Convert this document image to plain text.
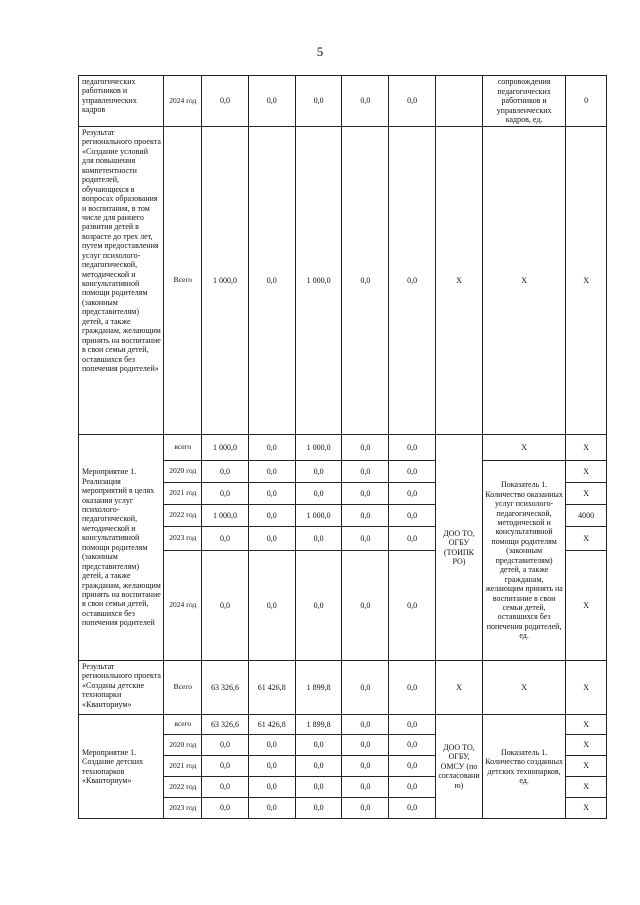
5
педагогических работников и управленческих кадров	2024 год	0,0	0,0	0,0	0,0	0,0		сопровождения педагогических работников и управленческих кадров, ед.	0
Результат регионального проекта «Создание условий для повышения компетентности родителей, обучающихся в вопросах образования и воспитания, в том числе для раннего развития детей в возрасте до трех лет, путем предоставления услуг психолого-педагогической, методической и консультативной помощи родителям (законным представителям) детей, а также гражданам, желающим принять на воспитание в свои семьи детей, оставшихся без попечения родителей»	Всего	1 000,0	0,0	1 000,0	0,0	0,0	Х	Х	Х
Мероприятие 1. Реализация мероприятий в целях оказания услуг психолого-педагогической, методической и консультативной помощи родителям (законным представителям) детей, а также гражданам, желающим принять на воспитание в свои семьи детей, оставшихся без попечения родителей	всего	1 000,0	0,0	1 000,0	0,0	0,0	ДОО ТО, ОГБУ (ТОИПК РО)	Х	Х
	2020 год	0,0	0,0	0,0	0,0	0,0		Показатель 1. Количество оказанных услуг психолого-педагогической, методической и консультативной помощи родителям (законным представителям) детей, а также гражданам, желающим принять на воспитание в свои семьи детей, оставшихся без попечения родителей, ед.	Х
	2021 год	0,0	0,0	0,0	0,0	0,0			Х
	2022 год	1 000,0	0,0	1 000,0	0,0	0,0			4000
	2023 год	0,0	0,0	0,0	0,0	0,0			Х
	2024 год	0,0	0,0	0,0	0,0	0,0			Х
Результат регионального проекта «Созданы детские технопарки «Кванториум»	Всего	63 326,6	61 426,8	1 899,8	0,0	0,0	Х	Х	Х
Мероприятие 1. Создание детских технопарков «Кванториум»	всего	63 326,6	61 426,8	1 899,8	0,0	0,0	ДОО ТО, ОГБУ, ОМСУ (по согласованию)	Показатель 1. Количество созданных детских технопарков, ед.	Х
	2020 год	0,0	0,0	0,0	0,0	0,0			Х
	2021 год	0,0	0,0	0,0	0,0	0,0			Х
	2022 год	0,0	0,0	0,0	0,0	0,0			Х
	2023 год	0,0	0,0	0,0	0,0	0,0			Х
